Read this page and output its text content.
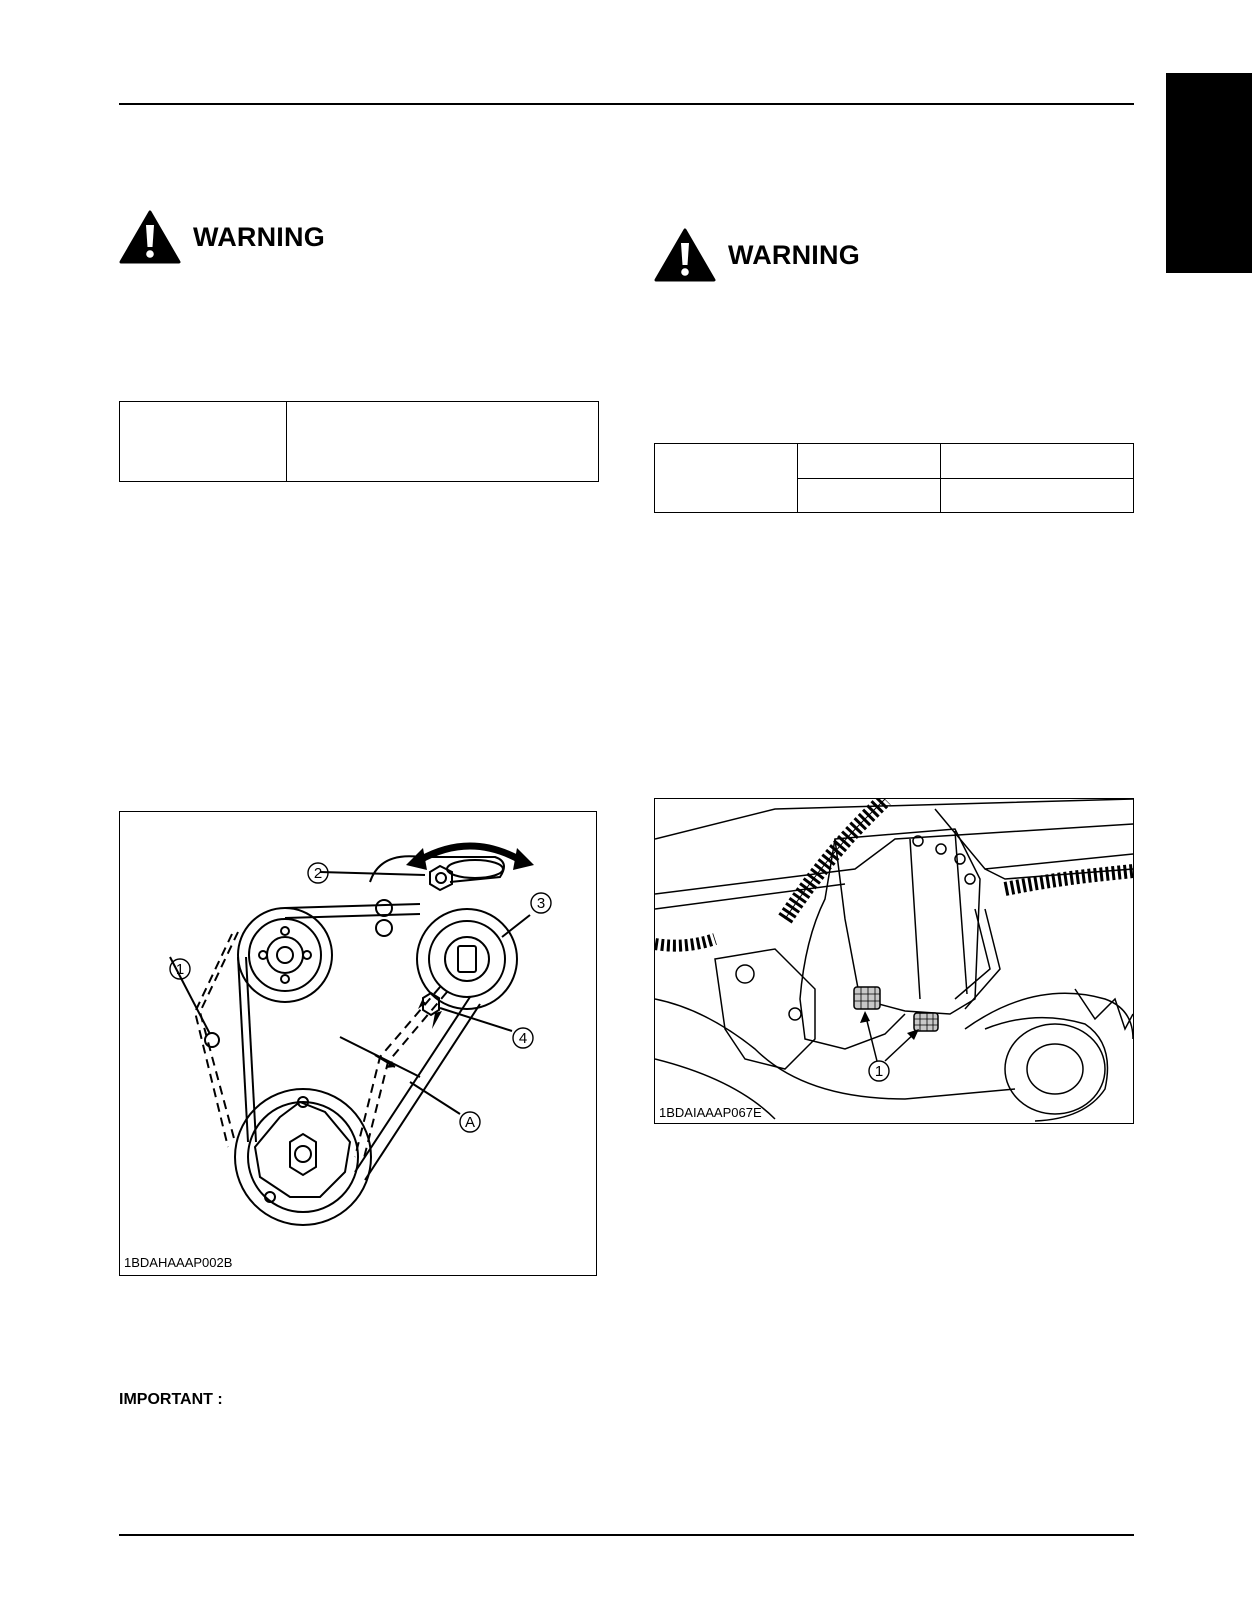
WARNING
WARNING

1
2
3
4
A
1BDAHAAAP002B
1
1BDAIAAAP067E
IMPORTANT :
